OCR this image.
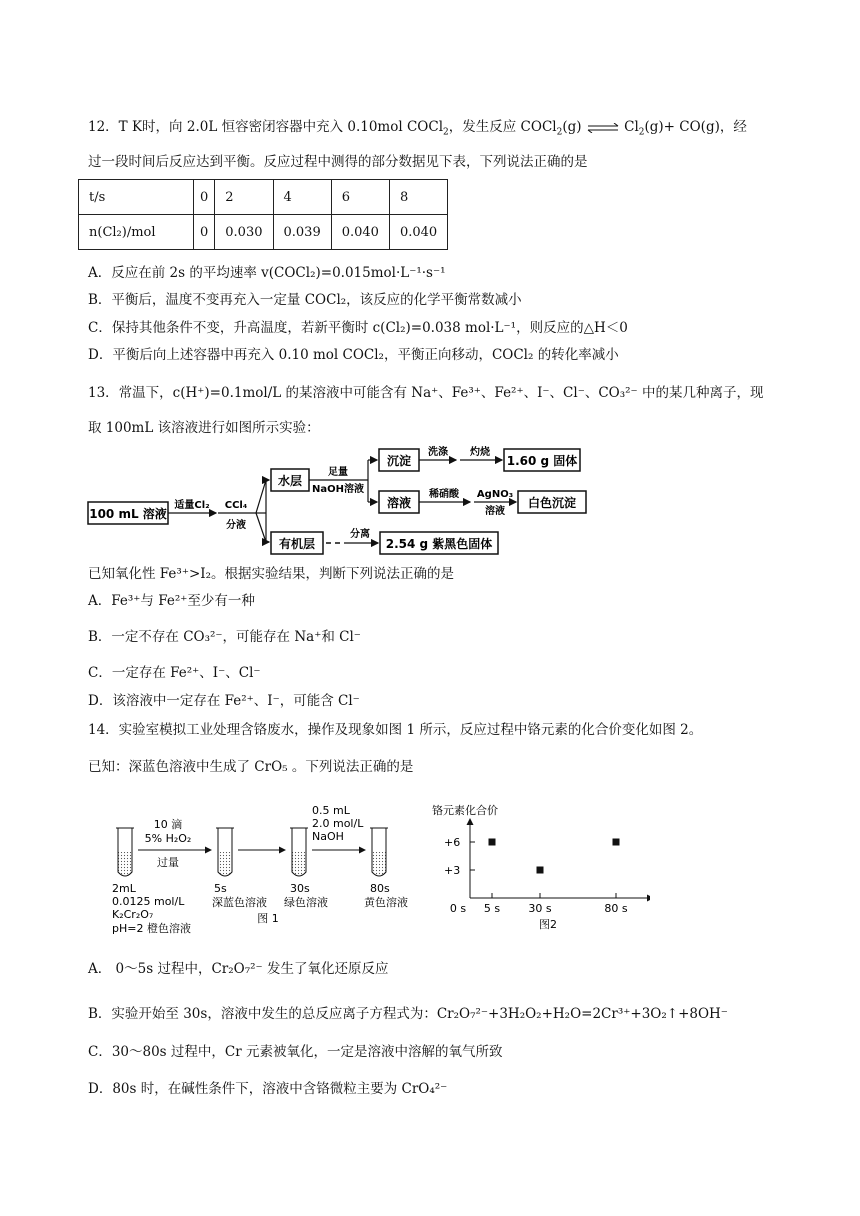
12．T K时，向 2.0L 恒容密闭容器中充入 0.10mol COCl$_2$，发生反应 COCl$_2$(g) ⇌ $Cl_2(g)+ CO(g)$，经
过一段时间后反应达到平衡。反应过程中测得的部分数据见下表，下列说法正确的是
t/s	0	2	4	6	8
n(Cl₂)/mol	0	0.030	0.039	0.040	0.040
A．反应在前 2s 的平均速率 v(COCl₂)=0.015mol·L⁻¹·s⁻¹
B．平衡后，温度不变再充入一定量 COCl₂，该反应的化学平衡常数减小
C．保持其他条件不变，升高温度，若新平衡时 c(Cl₂)=0.038 mol·L⁻¹，则反应的△H＜0
D．平衡后向上述容器中再充入 0.10 mol COCl₂，平衡正向移动，COCl₂ 的转化率减小
13．常温下，c(H⁺)=0.1mol/L 的某溶液中可能含有 Na⁺、Fe³⁺、Fe²⁺、I⁻、Cl⁻、CO₃²⁻ 中的某几种离子，现
取 100mL 该溶液进行如图所示实验：
100 mL 溶液
适量Cl₂ CCl₄
分液
水层
足量
NaOH溶液
沉淀
洗涤 灼烧
1.60 g 固体
溶液
稀硝酸 AgNO₃
溶液
白色沉淀
有机层
分离
2.54 g 紫黑色固体
已知氧化性 Fe³⁺>I₂。根据实验结果，判断下列说法正确的是
A．Fe³⁺与 Fe²⁺至少有一种
B．一定不存在 CO₃²⁻，可能存在 Na⁺和 Cl⁻
C．一定存在 Fe²⁺、I⁻、Cl⁻
D．该溶液中一定存在 Fe²⁺、I⁻，可能含 Cl⁻
14．实验室模拟工业处理含铬废水，操作及现象如图 1 所示，反应过程中铬元素的化合价变化如图 2。
已知：深蓝色溶液中生成了 CrO₅ 。下列说法正确的是
10 滴
5% H₂O₂
过量
0.5 mL
2.0 mol/L
NaOH
2mL
0.0125 mol/L
K₂Cr₂O₇
pH=2 橙色溶液
5s
深蓝色溶液
30s
绿色溶液
80s
黄色溶液
图 1
铬元素化合价
0 s 5 s	30 s	80 s
+6
+3
图2
A． 0～5s 过程中，Cr₂O₇²⁻ 发生了氧化还原反应
B．实验开始至 30s，溶液中发生的总反应离子方程式为：Cr₂O₇²⁻+3H₂O₂+H₂O=2Cr³⁺+3O₂↑+8OH⁻
C．30～80s 过程中，Cr 元素被氧化，一定是溶液中溶解的氧气所致
D．80s 时，在碱性条件下，溶液中含铬微粒主要为 CrO₄²⁻
